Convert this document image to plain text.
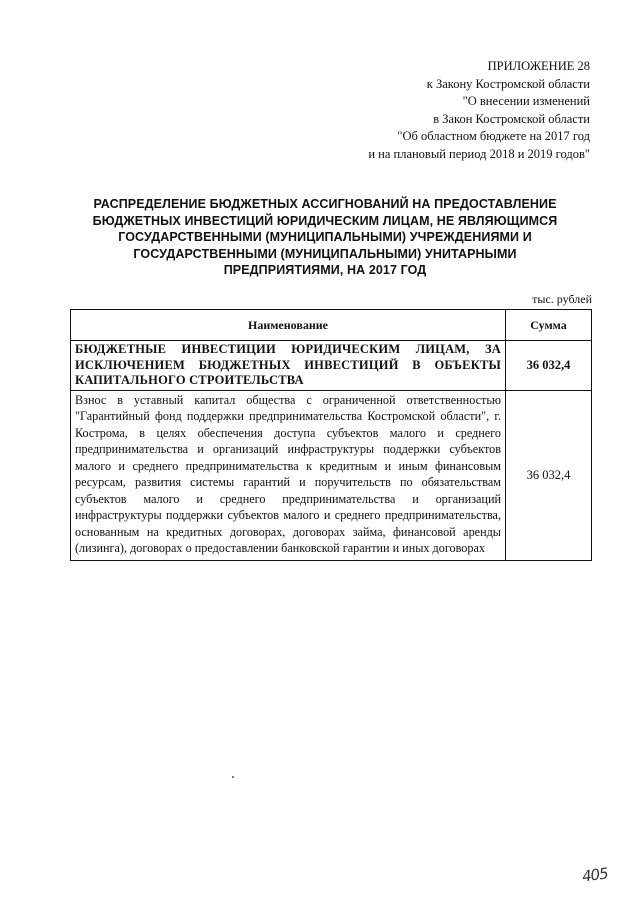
ПРИЛОЖЕНИЕ 28
к Закону Костромской области
"О внесении изменений
в Закон Костромской области
"Об областном бюджете на 2017 год
и на плановый период 2018 и 2019 годов"
РАСПРЕДЕЛЕНИЕ БЮДЖЕТНЫХ АССИГНОВАНИЙ НА ПРЕДОСТАВЛЕНИЕ
БЮДЖЕТНЫХ ИНВЕСТИЦИЙ ЮРИДИЧЕСКИМ ЛИЦАМ, НЕ ЯВЛЯЮЩИМСЯ
ГОСУДАРСТВЕННЫМИ (МУНИЦИПАЛЬНЫМИ) УЧРЕЖДЕНИЯМИ И
ГОСУДАРСТВЕННЫМИ (МУНИЦИПАЛЬНЫМИ) УНИТАРНЫМИ
ПРЕДПРИЯТИЯМИ, НА 2017 ГОД
тыс. рублей
Наименование	Сумма
БЮДЖЕТНЫЕ ИНВЕСТИЦИИ ЮРИДИЧЕСКИМ ЛИЦАМ, ЗА ИСКЛЮЧЕНИЕМ БЮДЖЕТНЫХ ИНВЕСТИЦИЙ В ОБЪЕКТЫ КАПИТАЛЬНОГО СТРОИТЕЛЬСТВА	36 032,4
Взнос в уставный капитал общества с ограниченной ответственностью "Гарантийный фонд поддержки предпринимательства Костромской области", г. Кострома, в целях обеспечения доступа субъектов малого и среднего предпринимательства и организаций инфраструктуры поддержки субъектов малого и среднего предпринимательства к кредитным и иным финансовым ресурсам, развития системы гарантий и поручительств по обязательствам субъектов малого и среднего предпринимательства и организаций инфраструктуры поддержки субъектов малого и среднего предпринимательства, основанным на кредитных договорах, договорах займа, финансовой аренды (лизинга), договорах о предоставлении банковской гарантии и иных договорах	36 032,4
405
